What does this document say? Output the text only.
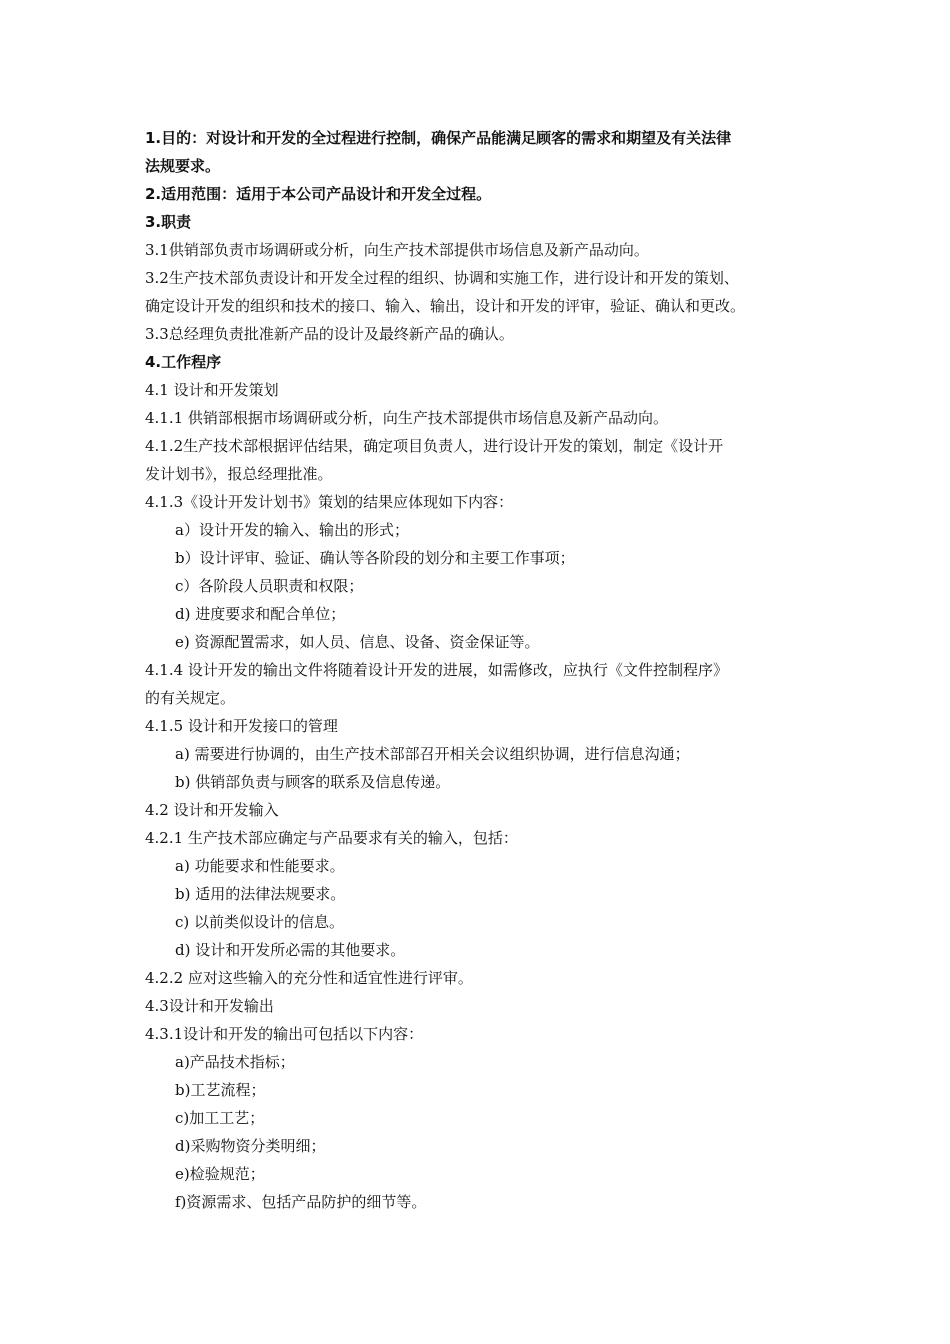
1.目的：对设计和开发的全过程进行控制，确保产品能满足顾客的需求和期望及有关法律
法规要求。
2.适用范围：适用于本公司产品设计和开发全过程。
3.职责
3.1供销部负责市场调研或分析，向生产技术部提供市场信息及新产品动向。
3.2生产技术部负责设计和开发全过程的组织、协调和实施工作，进行设计和开发的策划、
确定设计开发的组织和技术的接口、输入、输出，设计和开发的评审，验证、确认和更改。
3.3总经理负责批准新产品的设计及最终新产品的确认。
4.工作程序
4.1 设计和开发策划
4.1.1 供销部根据市场调研或分析，向生产技术部提供市场信息及新产品动向。
4.1.2生产技术部根据评估结果，确定项目负责人，进行设计开发的策划，制定《设计开
发计划书》，报总经理批准。
4.1.3《设计开发计划书》策划的结果应体现如下内容：
a）设计开发的输入、输出的形式；
b）设计评审、验证、确认等各阶段的划分和主要工作事项；
c）各阶段人员职责和权限；
d) 进度要求和配合单位；
e) 资源配置需求，如人员、信息、设备、资金保证等。
4.1.4 设计开发的输出文件将随着设计开发的进展，如需修改，应执行《文件控制程序》
的有关规定。
4.1.5 设计和开发接口的管理
a) 需要进行协调的，由生产技术部部召开相关会议组织协调，进行信息沟通；
b) 供销部负责与顾客的联系及信息传递。
4.2 设计和开发输入
4.2.1 生产技术部应确定与产品要求有关的输入，包括：
a) 功能要求和性能要求。
b) 适用的法律法规要求。
c) 以前类似设计的信息。
d) 设计和开发所必需的其他要求。
4.2.2 应对这些输入的充分性和适宜性进行评审。
4.3设计和开发输出
4.3.1设计和开发的输出可包括以下内容：
a)产品技术指标；
b)工艺流程；
c)加工工艺；
d)采购物资分类明细；
e)检验规范；
f)资源需求、包括产品防护的细节等。
